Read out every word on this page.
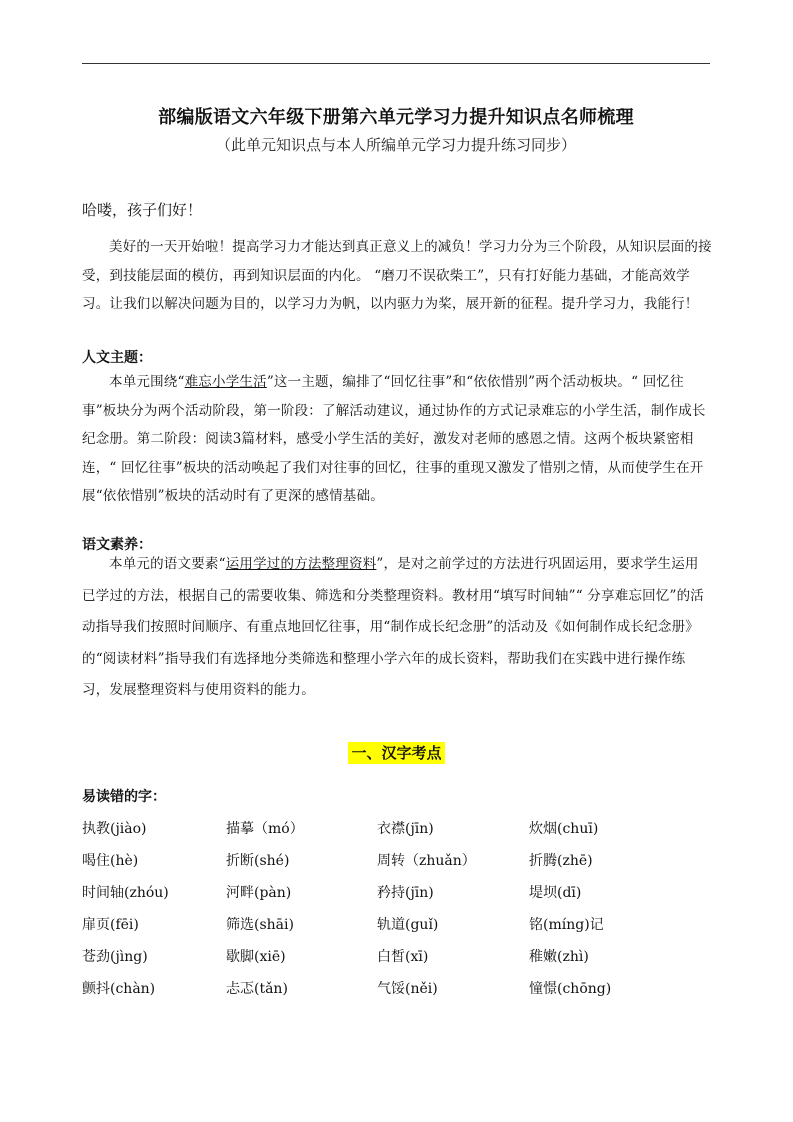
部编版语文六年级下册第六单元学习力提升知识点名师梳理
（此单元知识点与本人所编单元学习力提升练习同步）
哈喽，孩子们好！
美好的一天开始啦！提高学习力才能达到真正意义上的减负！学习力分为三个阶段，从知识层面的接受，到技能层面的模仿，再到知识层面的内化。 “磨刀不误砍柴工”，只有打好能力基础，才能高效学习。让我们以解决问题为目的，以学习力为帆，以内驱力为桨，展开新的征程。提升学习力，我能行！
人文主题：
本单元围绕“难忘小学生活”这一主题，编排了“回忆往事”和“依依惜别”两个活动板块。“ 回忆往事”板块分为两个活动阶段，第一阶段：了解活动建议，通过协作的方式记录难忘的小学生活，制作成长纪念册。第二阶段：阅读3篇材料，感受小学生活的美好，激发对老师的感恩之情。这两个板块紧密相连，“ 回忆往事”板块的活动唤起了我们对往事的回忆，往事的重现又激发了惜别之情，从而使学生在开展“依依惜别”板块的活动时有了更深的感情基础。
语文素养：
本单元的语文要素“运用学过的方法整理资料”，是对之前学过的方法进行巩固运用，要求学生运用已学过的方法，根据自己的需要收集、筛选和分类整理资料。教材用“填写时间轴”“ 分享难忘回忆”的活动指导我们按照时间顺序、有重点地回忆往事，用“制作成长纪念册”的活动及《如何制作成长纪念册》的“阅读材料”指导我们有选择地分类筛选和整理小学六年的成长资料，帮助我们在实践中进行操作练习，发展整理资料与使用资料的能力。
一、汉字考点
易读错的字：
执教(jiào)	描摹（mó）	衣襟(jīn)	炊烟(chuī)
喝住(hè)	折断(shé)	周转（zhuǎn）	折腾(zhē)
时间轴(zhóu)	河畔(pàn)	矜持(jīn)	堤坝(dī)
扉页(fēi)	筛选(shāi)	轨道(guǐ)	铭(míng)记
苍劲(jìng)	歇脚(xiē)	白皙(xī)	稚嫩(zhì)
颤抖(chàn)	忐忑(tǎn)	气馁(něi)	憧憬(chōng)
